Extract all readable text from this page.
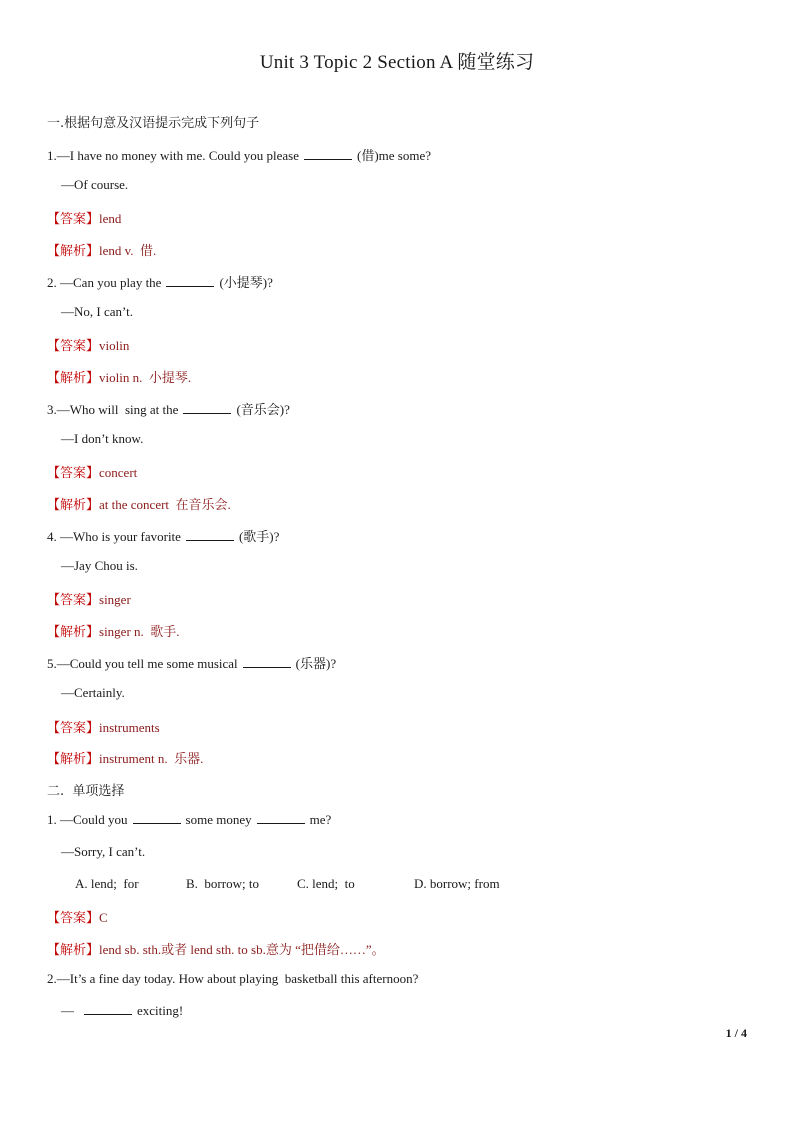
Unit 3 Topic 2 Section A 随堂练习
一.根据句意及汉语提示完成下列句子
1.—I have no money with me. Could you please	(借)me some?
—Of course.
【答案】lend
【解析】lend v.  借.
2. —Can you play the	(小提琴)?
—No, I can’t.
【答案】violin
【解析】violin n.  小提琴.
3.—Who will  sing at the	(音乐会)?
—I don’t know.
【答案】concert
【解析】at the concert  在音乐会.
4. —Who is your favorite	(歌手)?
—Jay Chou is.
【答案】singer
【解析】singer n.  歌手.
5.—Could you tell me some musical	(乐器)?
—Certainly.
【答案】instruments
【解析】instrument n.  乐器.
二.  单项选择
1. —Could you	some money	me?
—Sorry, I can’t.
A. lend;  for	B.  borrow; to	C. lend;  to	D. borrow; from
【答案】C
【解析】lend sb. sth.或者 lend sth. to sb.意为 “把借给……”。
2.—It’s a fine day today. How about playing  basketball this afternoon?
—	exciting!
1 / 4
